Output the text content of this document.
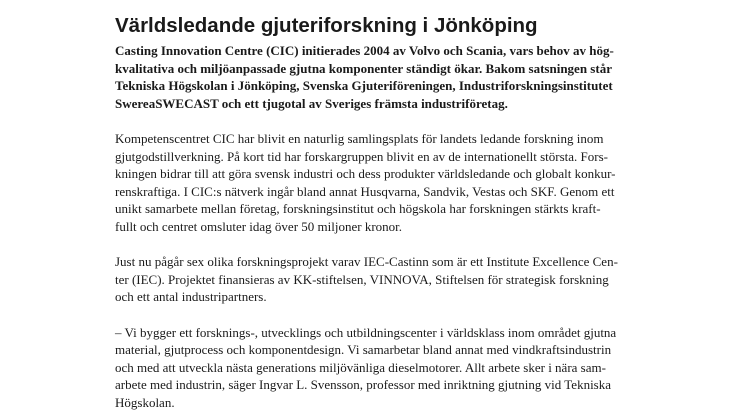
Världsledande gjuteriforskning i Jönköping
Casting Innovation Centre (CIC) initierades 2004 av Volvo och Scania, vars behov av hög-
kvalitativa och miljöanpassade gjutna komponenter ständigt ökar. Bakom satsningen står
Tekniska Högskolan i Jönköping, Svenska Gjuteriföreningen, Industriforskningsinstitutet
SwereaSWECAST och ett tjugotal av Sveriges främsta industriföretag.
Kompetenscentret CIC har blivit en naturlig samlingsplats för landets ledande forskning inom
gjutgodstillverkning. På kort tid har forskargruppen blivit en av de internationellt största. Fors-
kningen bidrar till att göra svensk industri och dess produkter världsledande och globalt konkur-
renskraftiga. I CIC:s nätverk ingår bland annat Husqvarna, Sandvik, Vestas och SKF. Genom ett
unikt samarbete mellan företag, forskningsinstitut och högskola har forskningen stärkts kraft-
fullt och centret omsluter idag över 50 miljoner kronor.
Just nu pågår sex olika forskningsprojekt varav IEC-Castinn som är ett Institute Excellence Cen-
ter (IEC). Projektet finansieras av KK-stiftelsen, VINNOVA, Stiftelsen för strategisk forskning
och ett antal industripartners.
– Vi bygger ett forsknings-, utvecklings och utbildningscenter i världsklass inom området gjutna
material, gjutprocess och komponentdesign. Vi samarbetar bland annat med vindkraftsindustrin
och med att utveckla nästa generations miljövänliga dieselmotorer. Allt arbete sker i nära sam-
arbete med industrin, säger Ingvar L. Svensson, professor med inriktning gjutning vid Tekniska
Högskolan.
